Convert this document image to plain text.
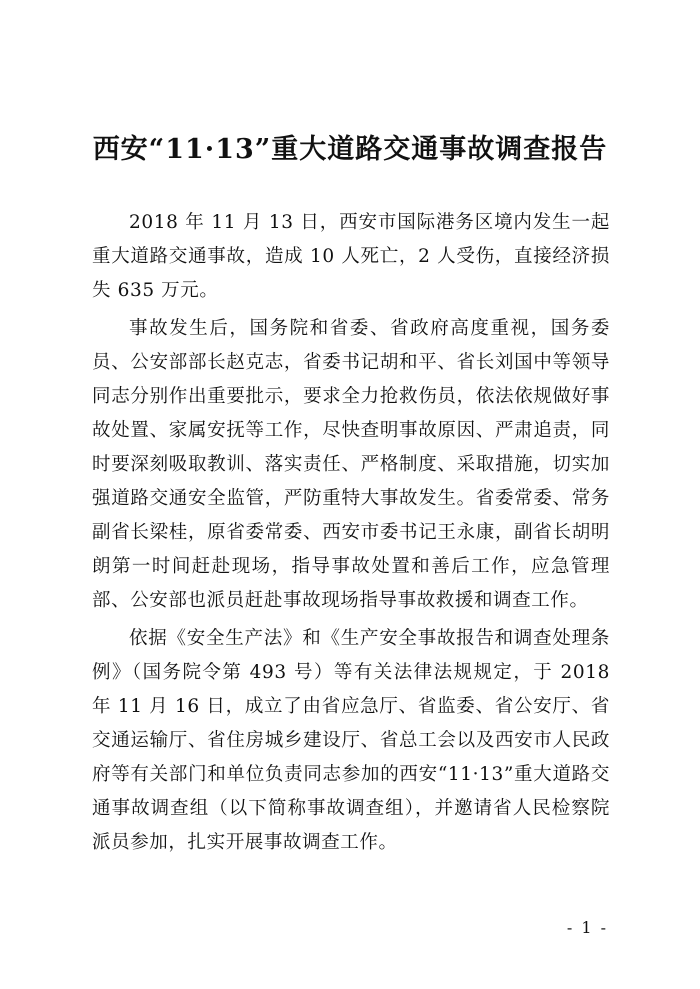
西安“11·13”重大道路交通事故调查报告

2018 年 11 月 13 日，西安市国际港务区境内发生一起重大道路交通事故，造成 10 人死亡，2 人受伤，直接经济损失 635 万元。

事故发生后，国务院和省委、省政府高度重视，国务委员、公安部部长赵克志，省委书记胡和平、省长刘国中等领导同志分别作出重要批示，要求全力抢救伤员，依法依规做好事故处置、家属安抚等工作，尽快查明事故原因、严肃追责，同时要深刻吸取教训、落实责任、严格制度、采取措施，切实加强道路交通安全监管，严防重特大事故发生。省委常委、常务副省长梁桂，原省委常委、西安市委书记王永康，副省长胡明朗第一时间赶赴现场，指导事故处置和善后工作，应急管理部、公安部也派员赶赴事故现场指导事故救援和调查工作。

依据《安全生产法》和《生产安全事故报告和调查处理条例》（国务院令第 493 号）等有关法律法规规定，于 2018 年 11 月 16 日，成立了由省应急厅、省监委、省公安厅、省交通运输厅、省住房城乡建设厅、省总工会以及西安市人民政府等有关部门和单位负责同志参加的西安“11·13”重大道路交通事故调查组（以下简称事故调查组），并邀请省人民检察院派员参加，扎实开展事故调查工作。

- 1 -
